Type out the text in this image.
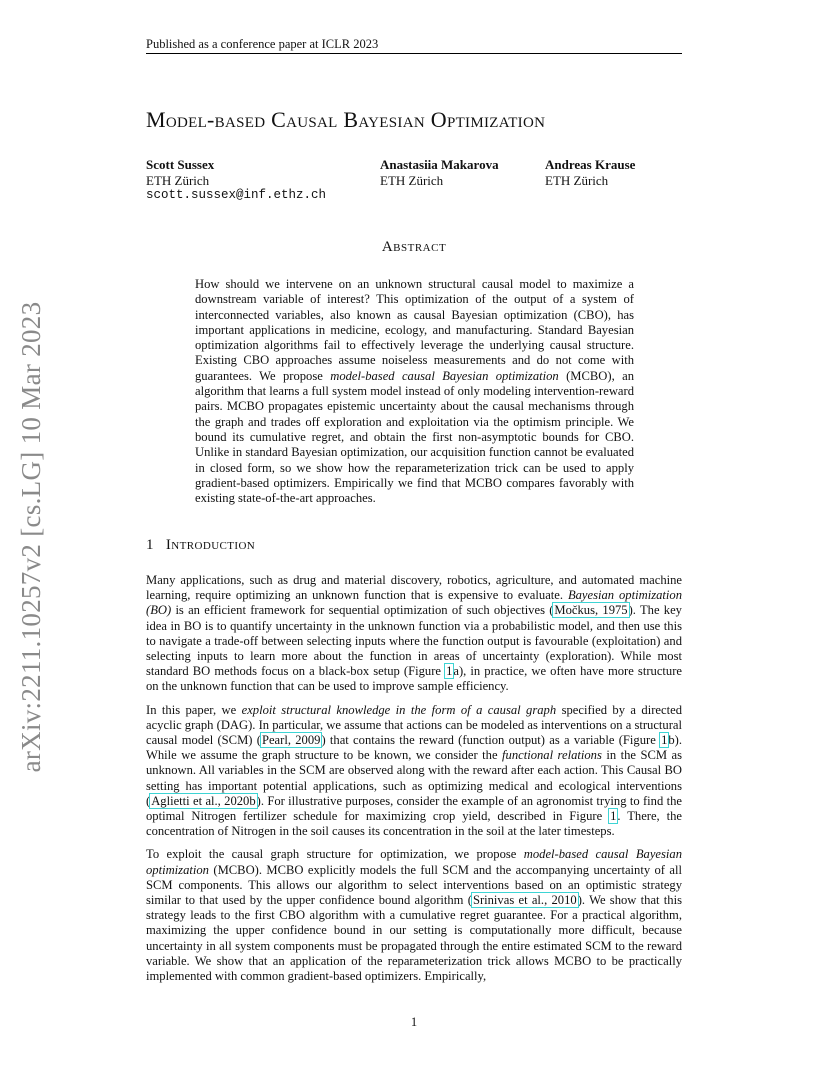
arXiv:2211.10257v2 [cs.LG] 10 Mar 2023
Published as a conference paper at ICLR 2023
Model-based Causal Bayesian Optimization
Scott Sussex
ETH Zürich
scott.sussex@inf.ethz.ch
Anastasiia Makarova
ETH Zürich
Andreas Krause
ETH Zürich
Abstract
How should we intervene on an unknown structural causal model to maximize a downstream variable of interest? This optimization of the output of a system of interconnected variables, also known as causal Bayesian optimization (CBO), has important applications in medicine, ecology, and manufacturing. Standard Bayesian optimization algorithms fail to effectively leverage the underlying causal structure. Existing CBO approaches assume noiseless measurements and do not come with guarantees. We propose model-based causal Bayesian optimization (MCBO), an algorithm that learns a full system model instead of only modeling intervention-reward pairs. MCBO propagates epistemic uncertainty about the causal mechanisms through the graph and trades off exploration and exploitation via the optimism principle. We bound its cumulative regret, and obtain the first non-asymptotic bounds for CBO. Unlike in standard Bayesian optimization, our acquisition function cannot be evaluated in closed form, so we show how the reparameterization trick can be used to apply gradient-based optimizers. Empirically we find that MCBO compares favorably with existing state-of-the-art approaches.
1 Introduction

Many applications, such as drug and material discovery, robotics, agriculture, and automated machine learning, require optimizing an unknown function that is expensive to evaluate. Bayesian optimization (BO) is an efficient framework for sequential optimization of such objectives (Močkus, 1975). The key idea in BO is to quantify uncertainty in the unknown function via a probabilistic model, and then use this to navigate a trade-off between selecting inputs where the function output is favourable (exploitation) and selecting inputs to learn more about the function in areas of uncertainty (exploration). While most standard BO methods focus on a black-box setup (Figure 1a), in practice, we often have more structure on the unknown function that can be used to improve sample efficiency.

In this paper, we exploit structural knowledge in the form of a causal graph specified by a directed acyclic graph (DAG). In particular, we assume that actions can be modeled as interventions on a structural causal model (SCM) (Pearl, 2009) that contains the reward (function output) as a variable (Figure 1b). While we assume the graph structure to be known, we consider the functional relations in the SCM as unknown. All variables in the SCM are observed along with the reward after each action. This Causal BO setting has important potential applications, such as optimizing medical and ecological interventions (Aglietti et al., 2020b). For illustrative purposes, consider the example of an agronomist trying to find the optimal Nitrogen fertilizer schedule for maximizing crop yield, described in Figure 1. There, the concentration of Nitrogen in the soil causes its concentration in the soil at the later timesteps.

To exploit the causal graph structure for optimization, we propose model-based causal Bayesian optimization (MCBO). MCBO explicitly models the full SCM and the accompanying uncertainty of all SCM components. This allows our algorithm to select interventions based on an optimistic strategy similar to that used by the upper confidence bound algorithm (Srinivas et al., 2010). We show that this strategy leads to the first CBO algorithm with a cumulative regret guarantee. For a practical algorithm, maximizing the upper confidence bound in our setting is computationally more difficult, because uncertainty in all system components must be propagated through the entire estimated SCM to the reward variable. We show that an application of the reparameterization trick allows MCBO to be practically implemented with common gradient-based optimizers. Empirically,

1
